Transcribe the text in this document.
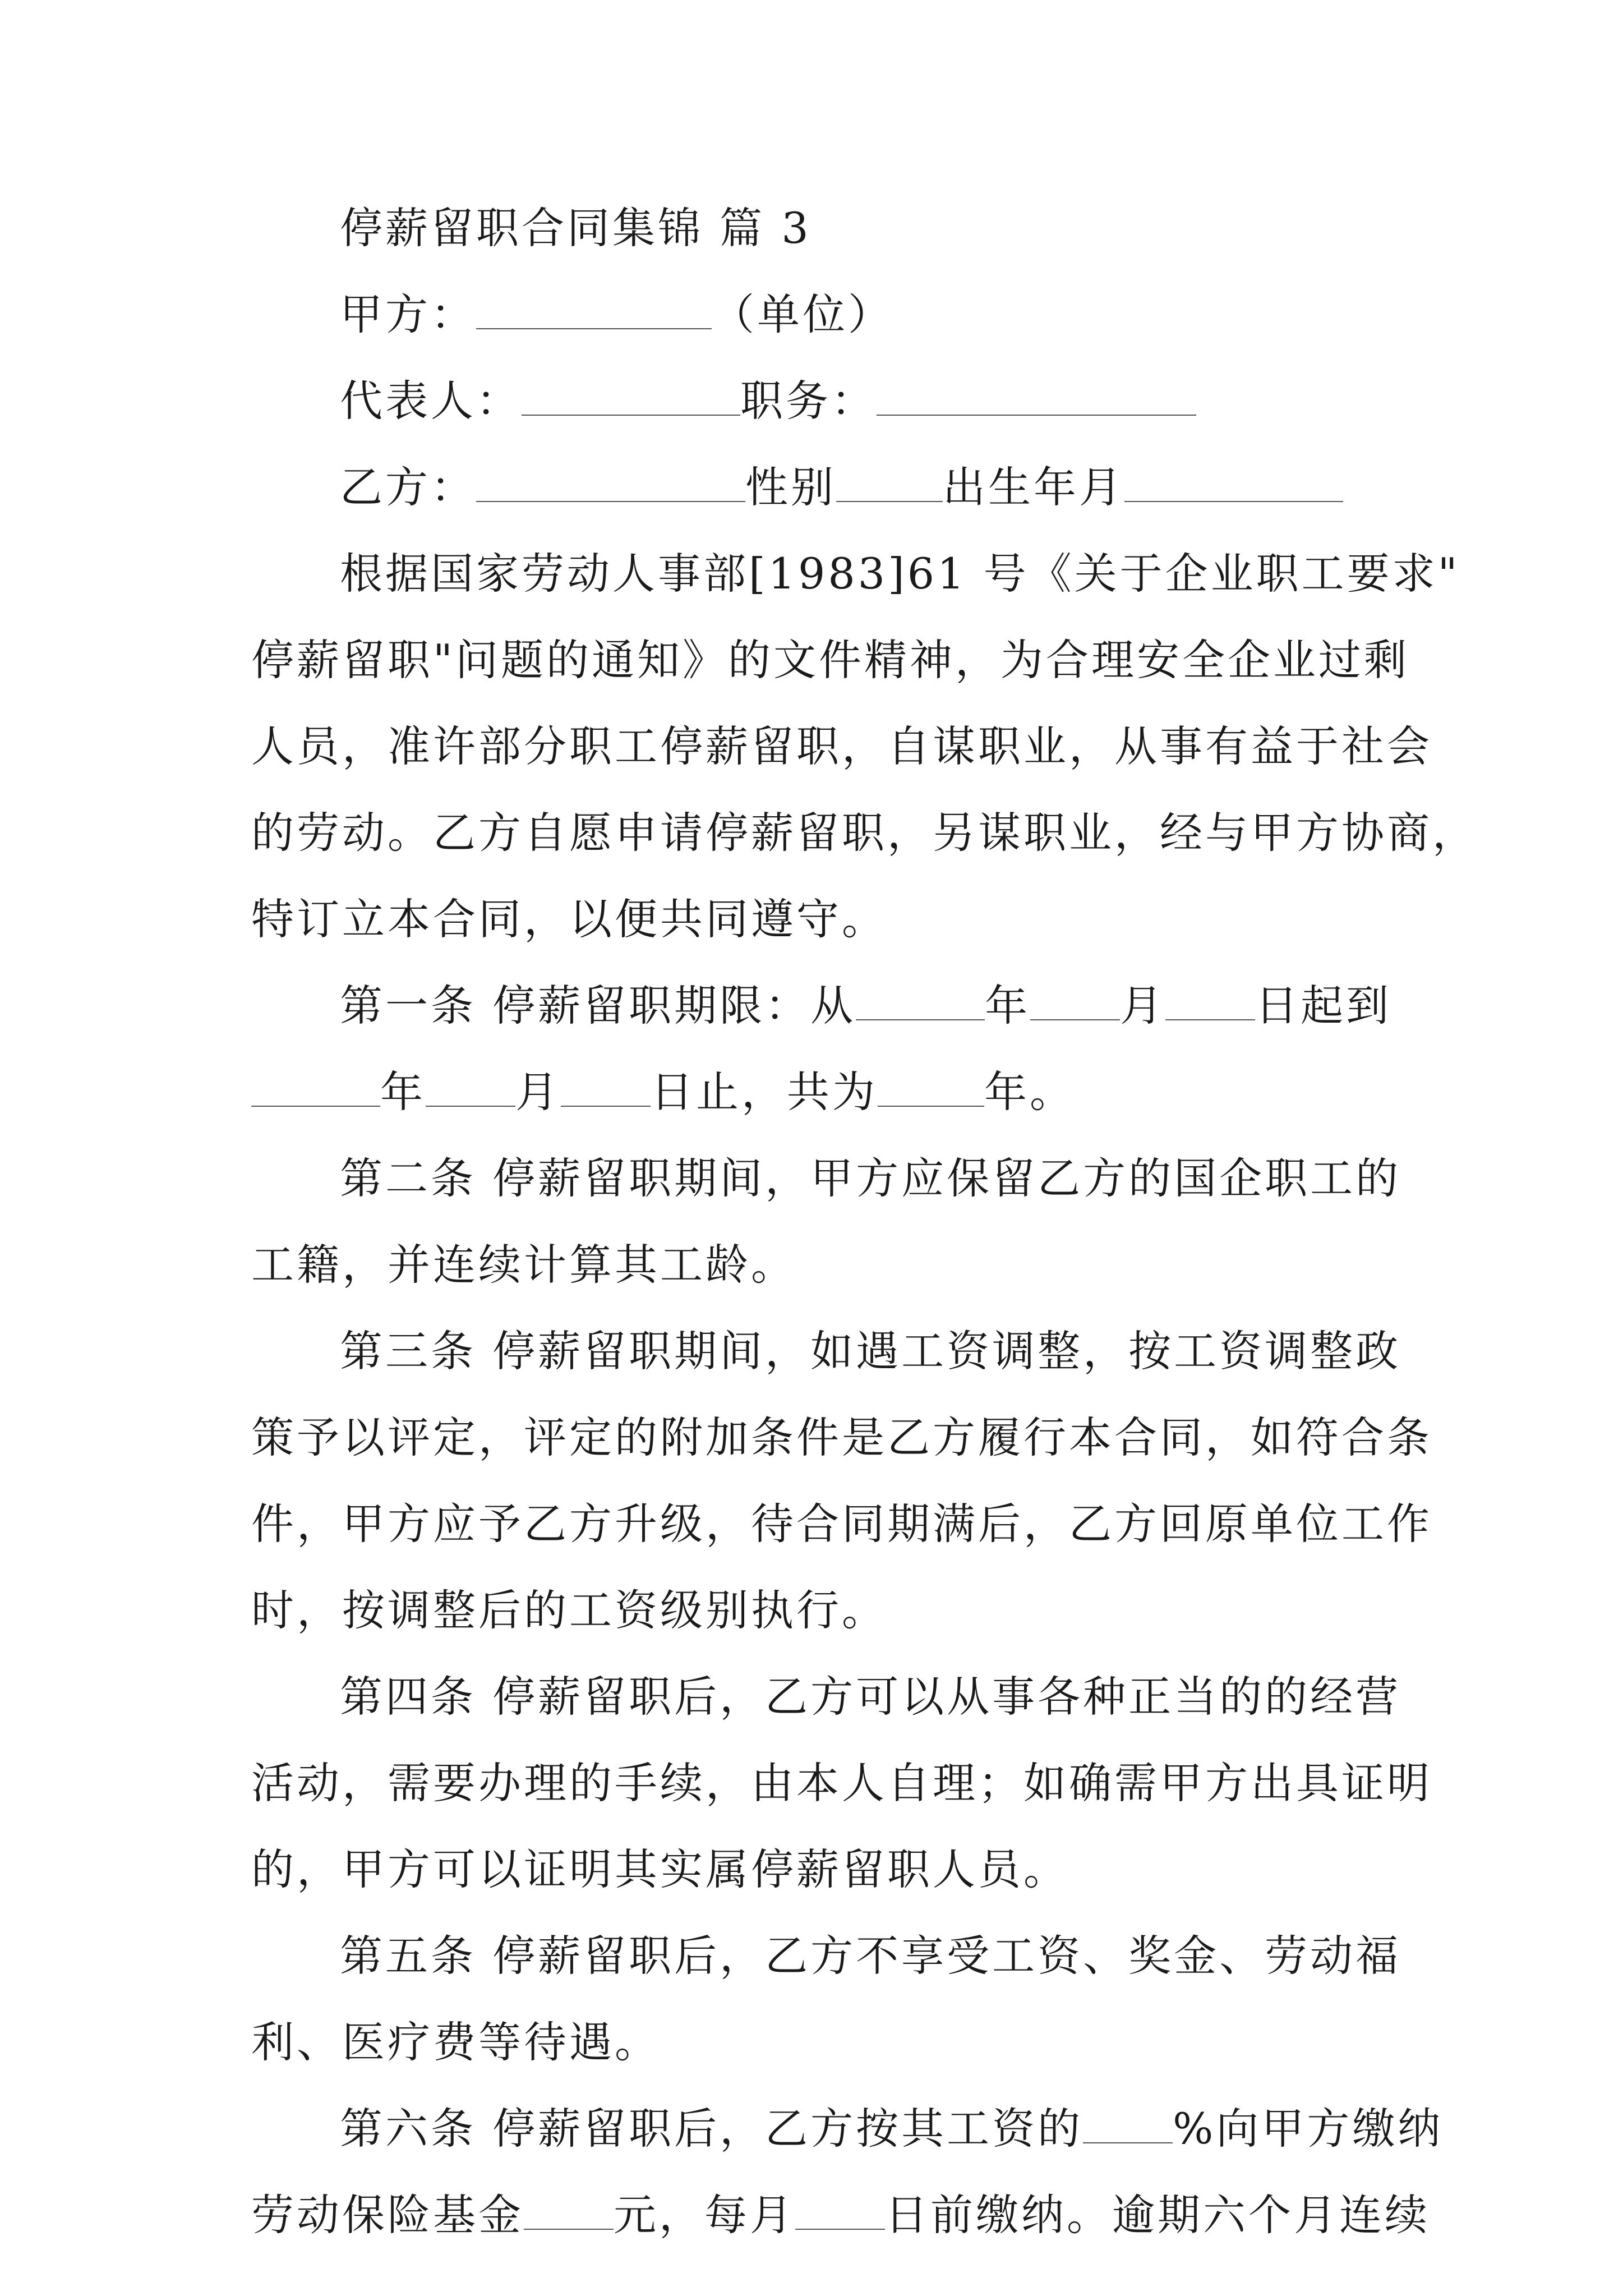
停薪留职合同集锦 篇 3
甲方：	（单位）
代表人：	职务：
乙方：	性别	出生年月
根据国家劳动人事部[1983]61 号《关于企业职工要求"
停薪留职"问题的通知》的文件精神，为合理安全企业过剩
人员，准许部分职工停薪留职，自谋职业，从事有益于社会
的劳动。乙方自愿申请停薪留职，另谋职业，经与甲方协商，
特订立本合同，以便共同遵守。
第一条 停薪留职期限：从	年 月 日起到
年 月 日止，共为	年。
第二条 停薪留职期间，甲方应保留乙方的国企职工的
工籍，并连续计算其工龄。
第三条 停薪留职期间，如遇工资调整，按工资调整政
策予以评定，评定的附加条件是乙方履行本合同，如符合条
件，甲方应予乙方升级，待合同期满后，乙方回原单位工作
时，按调整后的工资级别执行。
第四条 停薪留职后，乙方可以从事各种正当的的经营
活动，需要办理的手续，由本人自理；如确需甲方出具证明
的，甲方可以证明其实属停薪留职人员。
第五条 停薪留职后，乙方不享受工资、奖金、劳动福
利、医疗费等待遇。
第六条 停薪留职后，乙方按其工资的 %向甲方缴纳
劳动保险基金 元，每月 日前缴纳。逾期六个月连续
